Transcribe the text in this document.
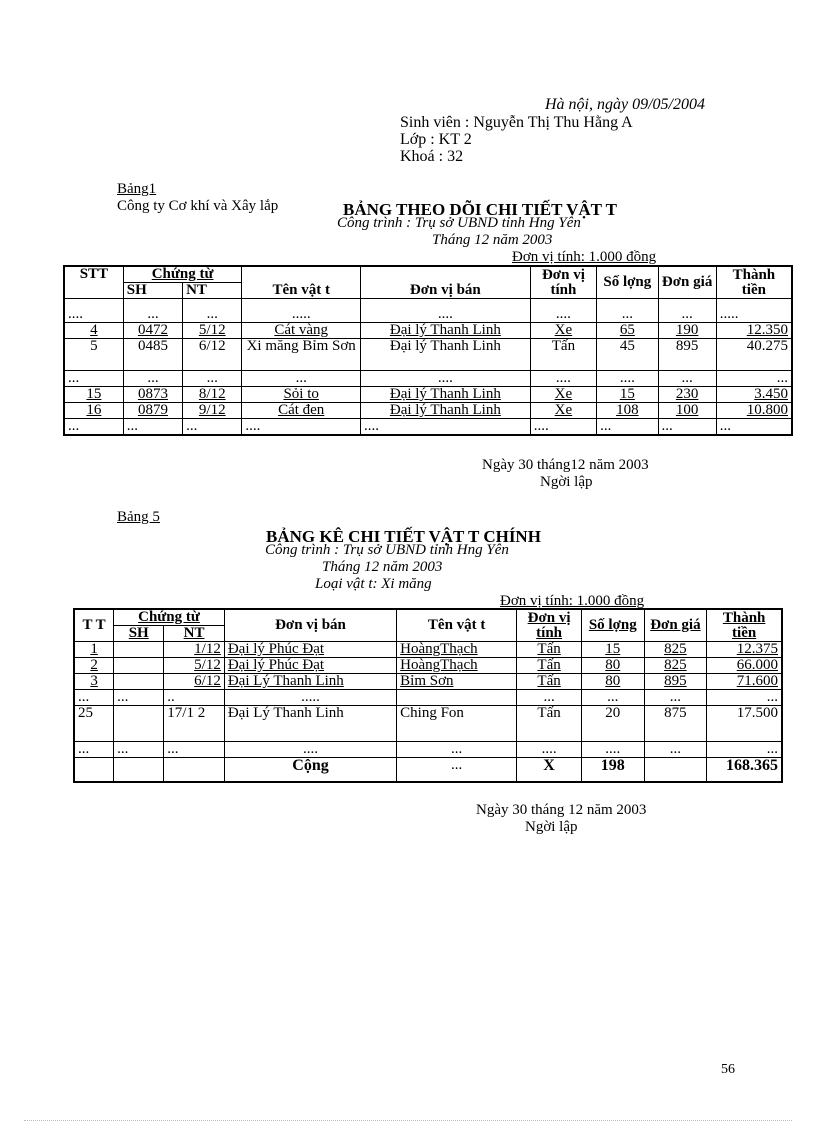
Hà nội, ngày 09/05/2004
Sinh viên : Nguyễn Thị Thu Hằng A
Lớp : KT 2
Khoá : 32
Bảng1
Công ty Cơ khí và Xây lắp	BẢNG THEO DÕI CHI TIẾT VẬT T
Công trình : Trụ sở UBND tỉnh Hng Yên
Tháng 12 năm 2003
Đơn vị tính: 1.000 đồng
STT	Chứng từ		Tên vật t	Đơn vị bán	Đơn vị tính	Số lợng	Đơn giá	Thành tiền
	SH	NT						
....	...	...	.....	....	....	...	...	.....
4	0472	5/12	Cát vàng	Đại lý Thanh Linh	Xe	65	190	12.350
5	0485	6/12	Xi măng Bỉm Sơn	Đại lý Thanh Linh	Tấn	45	895	40.275
...	...	...	...	....	....	....	...	...
15	0873	8/12	Sỏi to	Đại lý Thanh Linh	Xe	15	230	3.450
16	0879	9/12	Cát đen	Đại lý Thanh Linh	Xe	108	100	10.800
...	...	...	....	....	....	...	...	...
Ngày 30 tháng12 năm 2003
Ngời lập
Bảng 5
BẢNG KÊ CHI TIẾT VẬT T CHÍNH
Công trình : Trụ sở UBND tỉnh Hng Yên
Tháng 12 năm 2003
Loại vật t: Xi măng
Đơn vị tính: 1.000 đồng
T T	Chứng từ		Đơn vị bán	Tên vật t	Đơn vị tính	Số lợng	Đơn giá	Thành tiền
	SH	NT						
1		1/12	Đại lý Phúc Đạt	HoàngThạch	Tấn	15	825	12.375
2		5/12	Đại lý Phúc Đạt	HoàngThạch	Tấn	80	825	66.000
3		6/12	Đại Lý Thanh Linh	Bỉm Sơn	Tấn	80	895	71.600
...	...	..	.....		...	...	...	...
25		17/1 2	Đại Lý Thanh Linh	Ching Fon	Tấn	20	875	17.500
...	...	...	....	...	....	....	...	...
			Cộng	...	X	198		168.365
Ngày 30 tháng 12 năm 2003
Ngời lập
56
